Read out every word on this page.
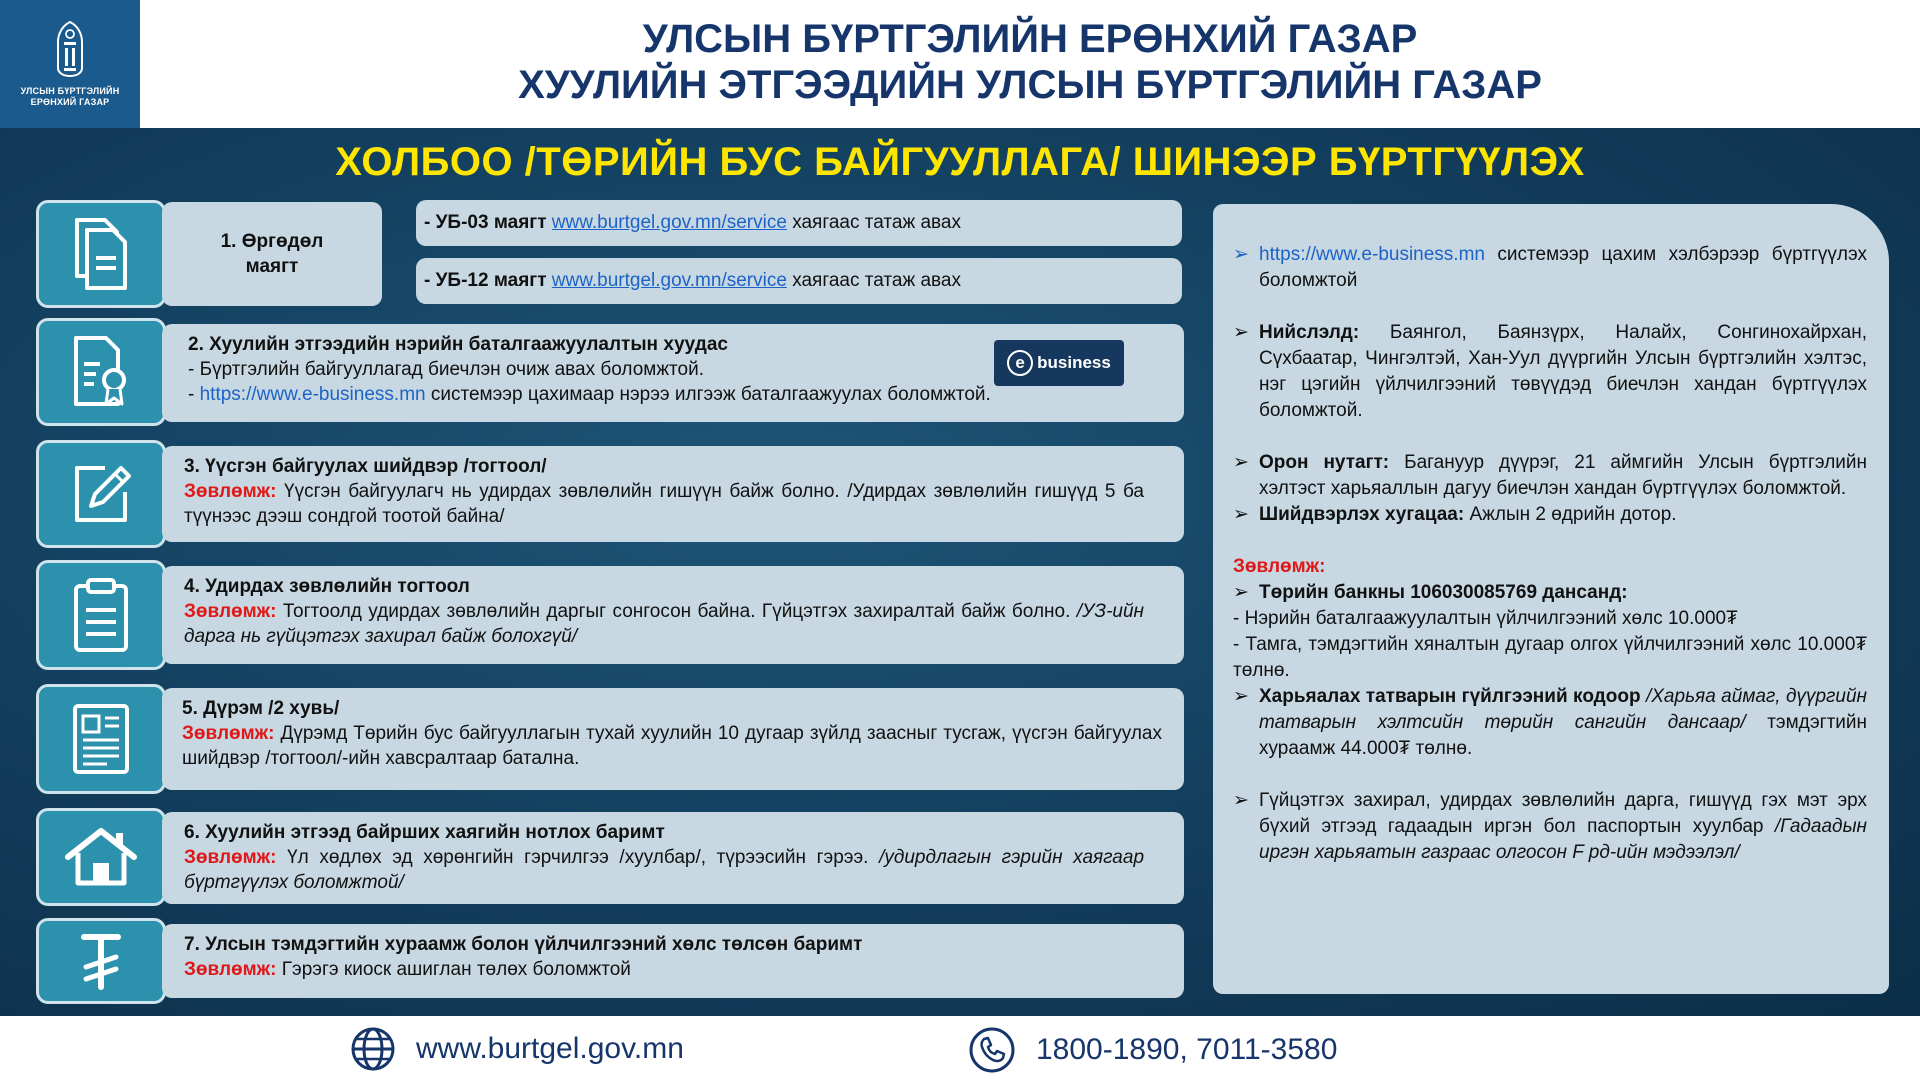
УЛСЫН БҮРТГЭЛИЙН
ЕРӨНХИЙ ГАЗАР
УЛСЫН БҮРТГЭЛИЙН ЕРӨНХИЙ ГАЗАР
ХУУЛИЙН ЭТГЭЭДИЙН УЛСЫН БҮРТГЭЛИЙН ГАЗАР
ХОЛБОО /ТӨРИЙН БУС БАЙГУУЛЛАГА/ ШИНЭЭР БҮРТГҮҮЛЭХ
1. Өргөдөл маягт
- УБ-03 маягт www.burtgel.gov.mn/service хаягаас татаж авах
- УБ-12 маягт www.burtgel.gov.mn/service хаягаас татаж авах
2. Хуулийн этгээдийн нэрийн баталгаажуулалтын хуудас
- Бүртгэлийн байгууллагад биечлэн очиж авах боломжтой.
- https://www.e-business.mn системээр цахимаар нэрээ илгээж баталгаажуулах боломжтой.
e business
3. Үүсгэн байгуулах шийдвэр /тогтоол/
Зөвлөмж: Үүсгэн байгуулагч нь удирдах зөвлөлийн гишүүн байж болно. /Удирдах зөвлөлийн гишүүд 5 ба түүнээс дээш сондгой тоотой байна/
4. Удирдах зөвлөлийн тогтоол
Зөвлөмж: Тогтоолд удирдах зөвлөлийн даргыг сонгосон байна. Гүйцэтгэх захиралтай байж болно. /УЗ-ийн дарга нь гүйцэтгэх захирал байж болохгүй/
5. Дүрэм /2 хувь/
Зөвлөмж: Дүрэмд Төрийн бус байгууллагын тухай хуулийн 10 дугаар зүйлд заасныг тусгаж, үүсгэн байгуулах шийдвэр /тогтоол/-ийн хавсралтаар батална.
6. Хуулийн этгээд байрших хаягийн нотлох баримт
Зөвлөмж: Үл хөдлөх эд хөрөнгийн гэрчилгээ /хуулбар/, түрээсийн гэрээ. /удирдлагын гэрийн хаягаар бүртгүүлэх боломжтой/
7. Улсын тэмдэгтийн хураамж болон үйлчилгээний хөлс төлсөн баримт
Зөвлөмж: Гэрэгэ киоск ашиглан төлөх боломжтой
➢ https://www.e-business.mn системээр цахим хэлбэрээр бүртгүүлэх боломжтой
➢ Нийслэлд: Баянгол, Баянзүрх, Налайх, Сонгинохайрхан, Сүхбаатар, Чингэлтэй, Хан-Уул дүүргийн Улсын бүртгэлийн хэлтэс, нэг цэгийн үйлчилгээний төвүүдэд биечлэн хандан бүртгүүлэх боломжтой.
➢ Орон нутагт: Багануур дүүрэг, 21 аймгийн Улсын бүртгэлийн хэлтэст харьяаллын дагуу биечлэн хандан бүртгүүлэх боломжтой.
➢ Шийдвэрлэх хугацаа: Ажлын 2 өдрийн дотор.
Зөвлөмж:
➢ Төрийн банкны 106030085769 дансанд:
- Нэрийн баталгаажуулалтын үйлчилгээний хөлс 10.000₮
- Тамга, тэмдэгтийн хяналтын дугаар олгох үйлчилгээний хөлс 10.000₮ төлнө.
➢ Харьяалах татварын гүйлгээний кодоор /Харьяа аймаг, дүүргийн татварын хэлтсийн төрийн сангийн дансаар/ тэмдэгтийн хураамж 44.000₮ төлнө.
➢ Гүйцэтгэх захирал, удирдах зөвлөлийн дарга, гишүүд гэх мэт эрх бүхий этгээд гадаадын иргэн бол паспортын хуулбар /Гадаадын иргэн харьяатын газраас олгосон F рд-ийн мэдээлэл/
www.burtgel.gov.mn	1800-1890, 7011-3580
